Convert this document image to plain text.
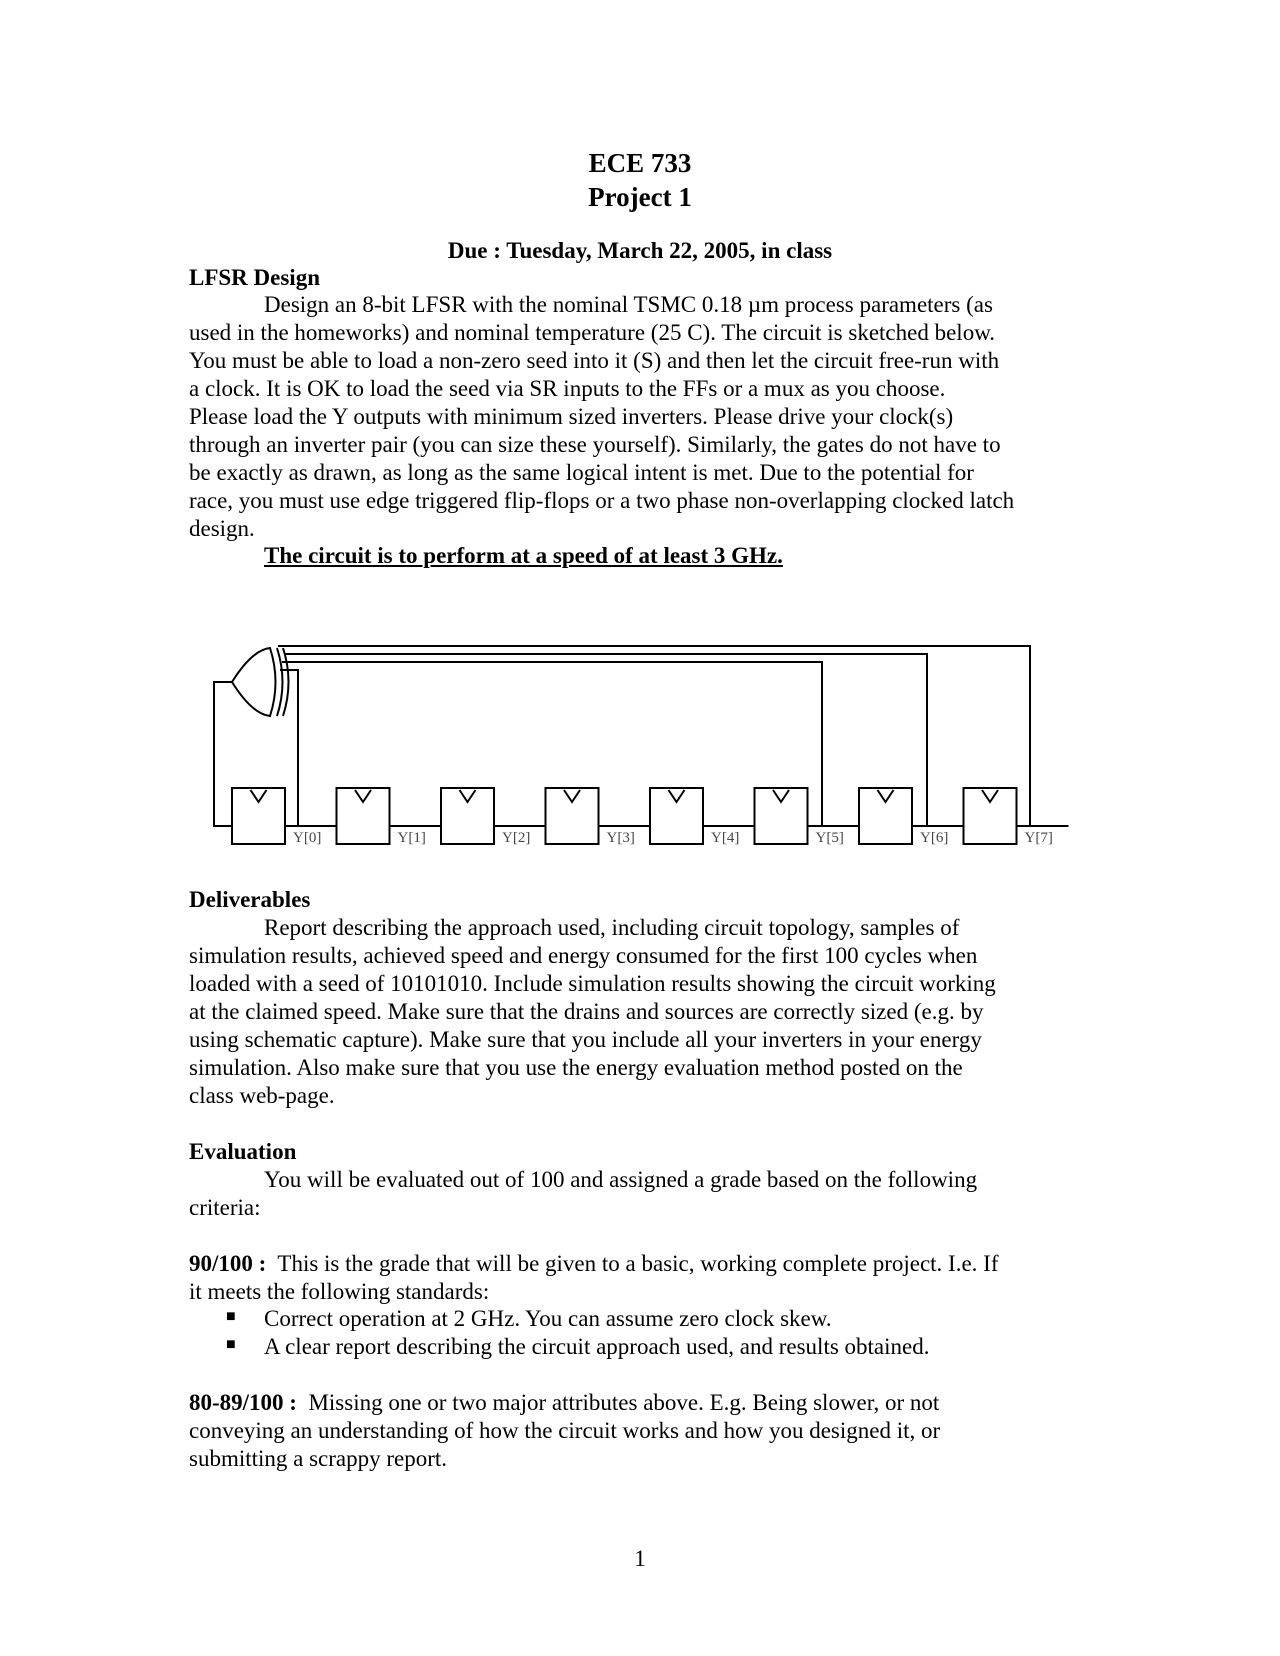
ECE 733
Project 1
Due : Tuesday, March 22, 2005, in class
LFSR Design
Design an 8-bit LFSR with the nominal TSMC 0.18 µm process parameters (as
used in the homeworks) and nominal temperature (25 C). The circuit is sketched below.
You must be able to load a non-zero seed into it (S) and then let the circuit free-run with
a clock. It is OK to load the seed via SR inputs to the FFs or a mux as you choose.
Please load the Y outputs with minimum sized inverters. Please drive your clock(s)
through an inverter pair (you can size these yourself). Similarly, the gates do not have to
be exactly as drawn, as long as the same logical intent is met. Due to the potential for
race, you must use edge triggered flip-flops or a two phase non-overlapping clocked latch
design.
The circuit is to perform at a speed of at least 3 GHz.
Y[0]	Y[1]	Y[2]	Y[3]	Y[4]	Y[5]	Y[6]	Y[7]
Deliverables
Report describing the approach used, including circuit topology, samples of
simulation results, achieved speed and energy consumed for the first 100 cycles when
loaded with a seed of 10101010. Include simulation results showing the circuit working
at the claimed speed. Make sure that the drains and sources are correctly sized (e.g. by
using schematic capture). Make sure that you include all your inverters in your energy
simulation. Also make sure that you use the energy evaluation method posted on the
class web-page.
Evaluation
You will be evaluated out of 100 and assigned a grade based on the following
criteria:
90/100 : This is the grade that will be given to a basic, working complete project. I.e. If
it meets the following standards:
■ Correct operation at 2 GHz. You can assume zero clock skew.
■ A clear report describing the circuit approach used, and results obtained.
80-89/100 : Missing one or two major attributes above. E.g. Being slower, or not
conveying an understanding of how the circuit works and how you designed it, or
submitting a scrappy report.
1
